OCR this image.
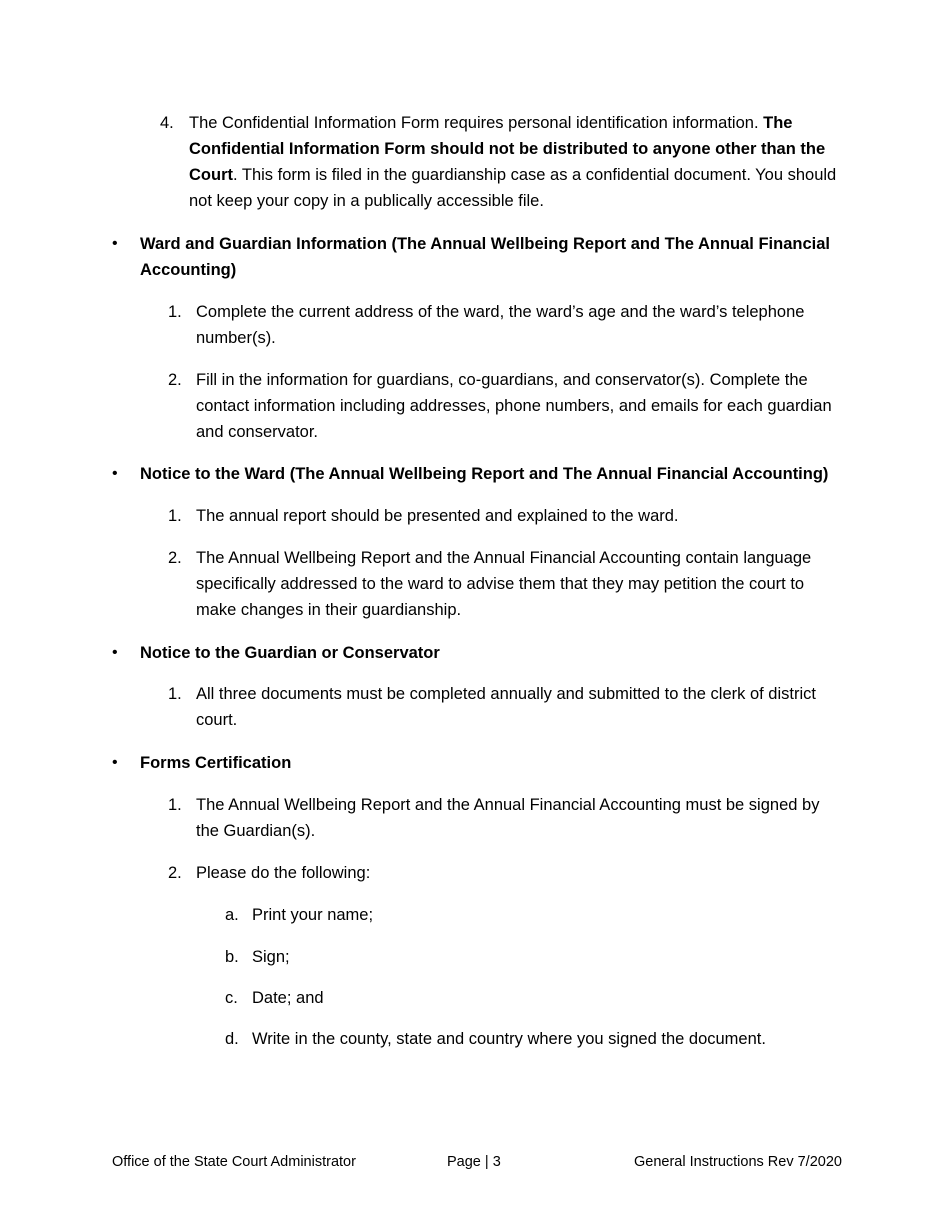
4. The Confidential Information Form requires personal identification information. The Confidential Information Form should not be distributed to anyone other than the Court. This form is filed in the guardianship case as a confidential document. You should not keep your copy in a publically accessible file.
• Ward and Guardian Information (The Annual Wellbeing Report and The Annual Financial Accounting)
1. Complete the current address of the ward, the ward’s age and the ward’s telephone number(s).
2. Fill in the information for guardians, co-guardians, and conservator(s). Complete the contact information including addresses, phone numbers, and emails for each guardian and conservator.
• Notice to the Ward (The Annual Wellbeing Report and The Annual Financial Accounting)
1. The annual report should be presented and explained to the ward.
2. The Annual Wellbeing Report and the Annual Financial Accounting contain language specifically addressed to the ward to advise them that they may petition the court to make changes in their guardianship.
• Notice to the Guardian or Conservator
1. All three documents must be completed annually and submitted to the clerk of district court.
• Forms Certification
1. The Annual Wellbeing Report and the Annual Financial Accounting must be signed by the Guardian(s).
2. Please do the following:
a. Print your name;
b. Sign;
c. Date; and
d. Write in the county, state and country where you signed the document.
Office of the State Court Administrator	Page | 3	General Instructions Rev 7/2020
